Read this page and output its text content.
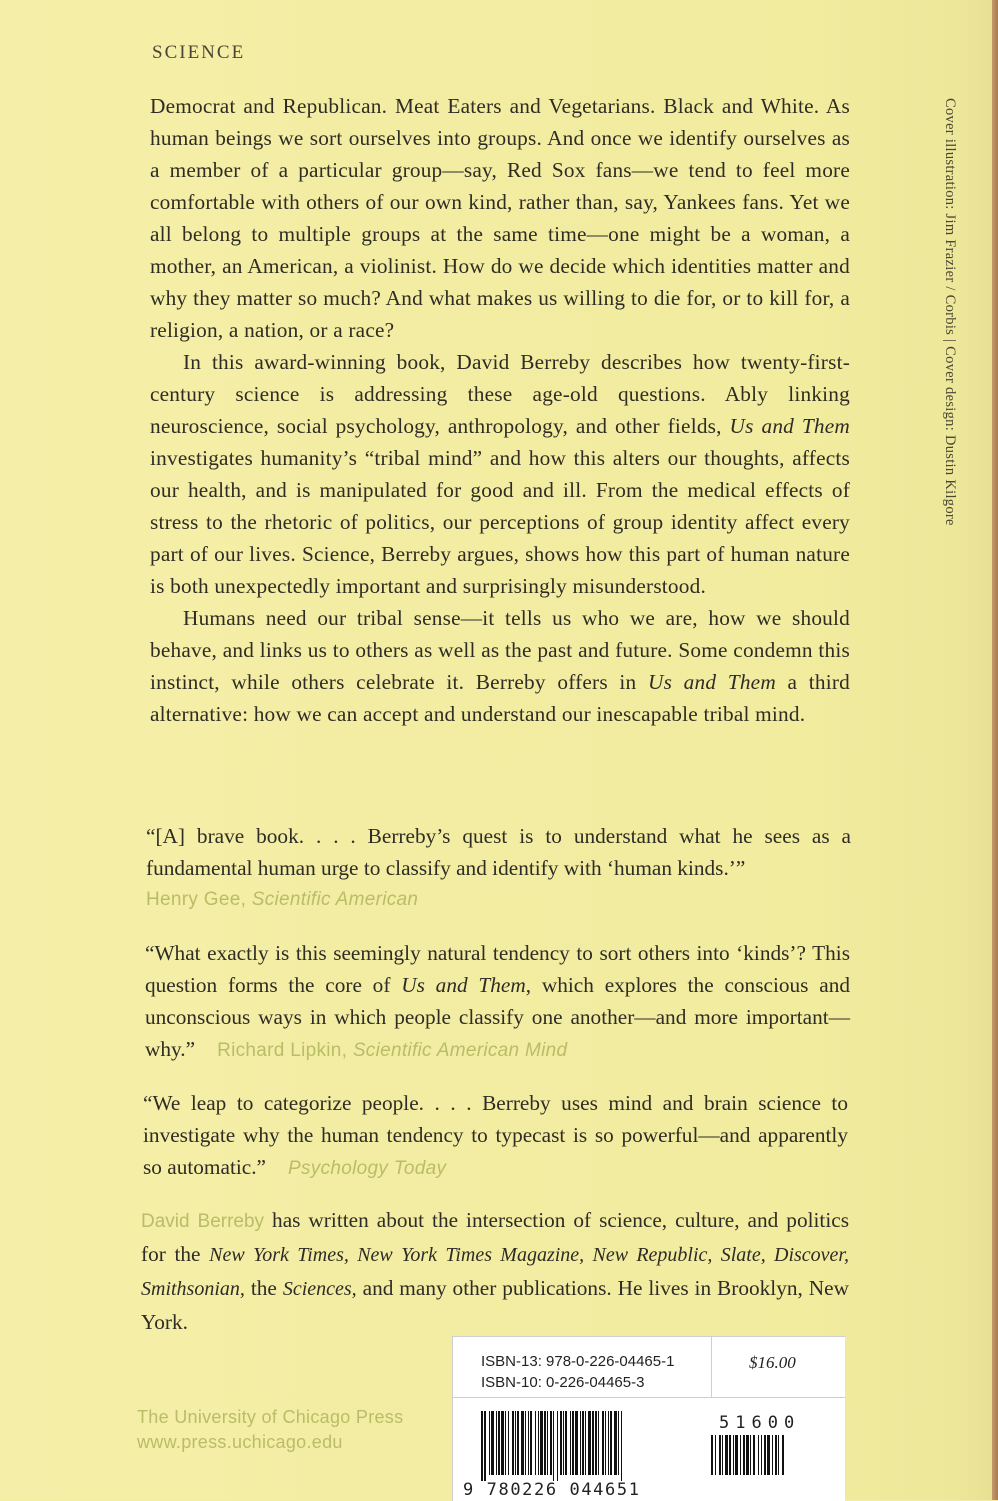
SCIENCE

Democrat and Republican. Meat Eaters and Vegetarians. Black and White. As human beings we sort ourselves into groups. And once we identify ourselves as a member of a particular group—say, Red Sox fans—we tend to feel more comfortable with others of our own kind, rather than, say, Yankees fans. Yet we all belong to multiple groups at the same time—one might be a woman, a mother, an American, a violinist. How do we decide which identities matter and why they matter so much? And what makes us willing to die for, or to kill for, a religion, a nation, or a race?

In this award-winning book, David Berreby describes how twenty-first-century science is addressing these age-old questions. Ably linking neuroscience, social psychology, anthropology, and other fields, Us and Them investigates humanity’s “tribal mind” and how this alters our thoughts, affects our health, and is manipulated for good and ill. From the medical effects of stress to the rhetoric of politics, our perceptions of group identity affect every part of our lives. Science, Berreby argues, shows how this part of human nature is both unexpectedly important and surprisingly misunderstood.

Humans need our tribal sense—it tells us who we are, how we should behave, and links us to others as well as the past and future. Some condemn this instinct, while others celebrate it. Berreby offers in Us and Them a third alternative: how we can accept and understand our inescapable tribal mind.

“[A] brave book. . . . Berreby’s quest is to understand what he sees as a fundamental human urge to classify and identify with ‘human kinds.’”

Henry Gee, Scientific American

“What exactly is this seemingly natural tendency to sort others into ‘kinds’? This question forms the core of Us and Them, which explores the conscious and unconscious ways in which people classify one another—and more important—why.” Richard Lipkin, Scientific American Mind

“We leap to categorize people. . . . Berreby uses mind and brain science to investigate why the human tendency to typecast is so powerful—and apparently so automatic.” Psychology Today

David Berreby has written about the intersection of science, culture, and politics for the New York Times, New York Times Magazine, New Republic, Slate, Discover, Smithsonian, the Sciences, and many other publications. He lives in Brooklyn, New York.
Cover illustration: Jim Frazier / Corbis | Cover design: Dustin Kilgore
The University of Chicago Press
www.press.uchicago.edu
ISBN-13: 978-0-226-04465-1
ISBN-10: 0-226-04465-3
$16.00
9 780226 044651
51600
